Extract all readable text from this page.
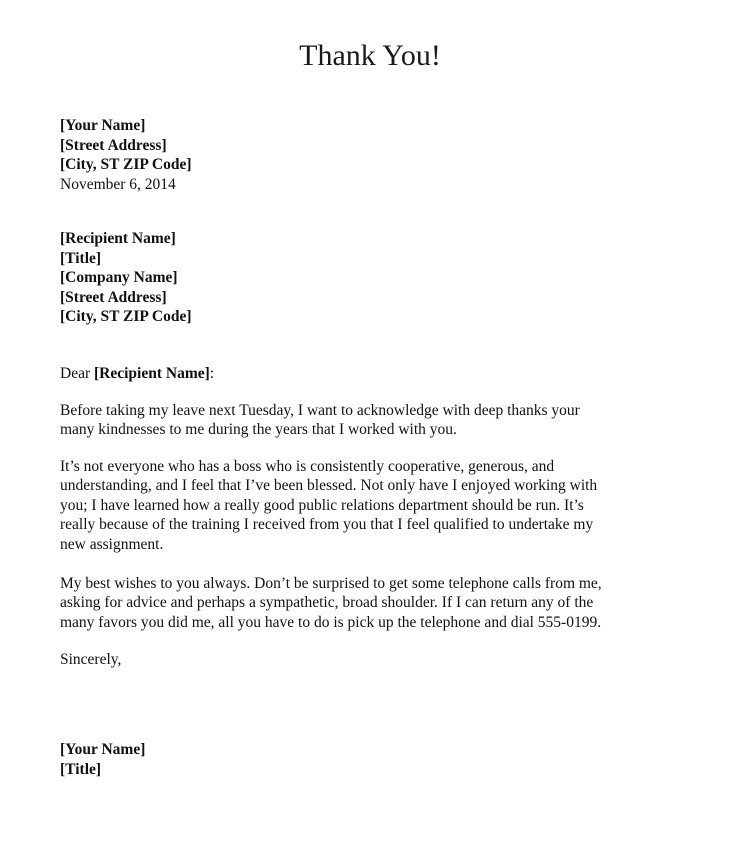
Thank You!
[Your Name]
[Street Address]
[City, ST ZIP Code]
November 6, 2014
[Recipient Name]
[Title]
[Company Name]
[Street Address]
[City, ST ZIP Code]
Dear [Recipient Name]:
Before taking my leave next Tuesday, I want to acknowledge with deep thanks your
many kindnesses to me during the years that I worked with you.
It’s not everyone who has a boss who is consistently cooperative, generous, and
understanding, and I feel that I’ve been blessed. Not only have I enjoyed working with
you; I have learned how a really good public relations department should be run. It’s
really because of the training I received from you that I feel qualified to undertake my
new assignment.
My best wishes to you always. Don’t be surprised to get some telephone calls from me,
asking for advice and perhaps a sympathetic, broad shoulder. If I can return any of the
many favors you did me, all you have to do is pick up the telephone and dial 555-0199.
Sincerely,
[Your Name]
[Title]
